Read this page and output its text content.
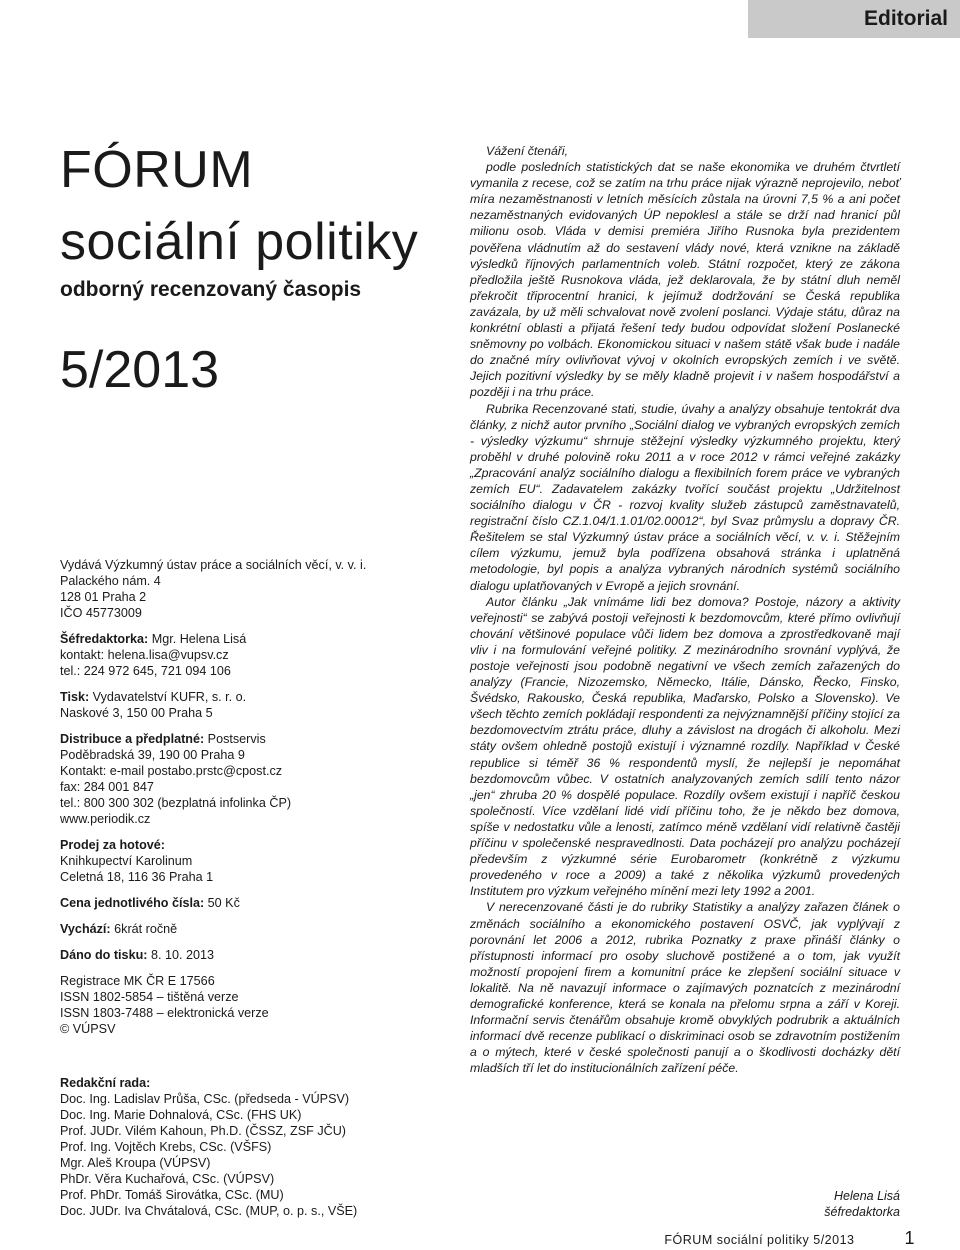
Editorial
FÓRUM
sociální politiky
odborný recenzovaný časopis
5/2013

Vydává Výzkumný ústav práce a sociálních věcí, v. v. i.

Palackého nám. 4

128 01 Praha 2

IČO 45773009

Šéfredaktorka: Mgr. Helena Lisá

kontakt: helena.lisa@vupsv.cz

tel.: 224 972 645, 721 094 106

Tisk: Vydavatelství KUFR, s. r. o.

Naskové 3, 150 00 Praha 5

Distribuce a předplatné: Postservis

Poděbradská 39, 190 00 Praha 9

Kontakt: e-mail postabo.prstc@cpost.cz

fax: 284 001 847

tel.: 800 300 302 (bezplatná infolinka ČP)

www.periodik.cz

Prodej za hotové:

Knihkupectví Karolinum

Celetná 18, 116 36 Praha 1

Cena jednotlivého čísla: 50 Kč

Vychází: 6krát ročně

Dáno do tisku: 8. 10. 2013

Registrace MK ČR E 17566

ISSN 1802-5854 – tištěná verze

ISSN 1803-7488 – elektronická verze

© VÚPSV

Redakční rada:

Doc. Ing. Ladislav Průša, CSc. (předseda - VÚPSV)

Doc. Ing. Marie Dohnalová, CSc. (FHS UK)

Prof. JUDr. Vilém Kahoun, Ph.D. (ČSSZ, ZSF JČU)

Prof. Ing. Vojtěch Krebs, CSc. (VŠFS)

Mgr. Aleš Kroupa (VÚPSV)

PhDr. Věra Kuchařová, CSc. (VÚPSV)

Prof. PhDr. Tomáš Sirovátka, CSc. (MU)

Doc. JUDr. Iva Chvátalová, CSc. (MUP, o. p. s., VŠE)

Vážení čtenáři,

podle posledních statistických dat se naše ekonomika ve druhém čtvrtletí vymanila z recese, což se zatím na trhu práce nijak výrazně neprojevilo, neboť míra nezaměstnanosti v letních měsících zůstala na úrovni 7,5 % a ani počet nezaměstnaných evidovaných ÚP nepoklesl a stále se drží nad hranicí půl milionu osob. Vláda v demisi premiéra Jiřího Rusnoka byla prezidentem pověřena vládnutím až do sestavení vlády nové, která vznikne na základě výsledků říjnových parlamentních voleb. Státní rozpočet, který ze zákona předložila ještě Rusnokova vláda, jež deklarovala, že by státní dluh neměl překročit třiprocentní hranici, k jejímuž dodržování se Česká republika zavázala, by už měli schvalovat nově zvolení poslanci. Výdaje státu, důraz na konkrétní oblasti a přijatá řešení tedy budou odpovídat složení Poslanecké sněmovny po volbách. Ekonomickou situaci v našem státě však bude i nadále do značné míry ovlivňovat vývoj v okolních evropských zemích i ve světě. Jejich pozitivní výsledky by se měly kladně projevit i v našem hospodářství a později i na trhu práce.

Rubrika Recenzované stati, studie, úvahy a analýzy obsahuje tentokrát dva články, z nichž autor prvního „Sociální dialog ve vybraných evropských zemích - výsledky výzkumu“ shrnuje stěžejní výsledky výzkumného projektu, který proběhl v druhé polovině roku 2011 a v roce 2012 v rámci veřejné zakázky „Zpracování analýz sociálního dialogu a flexibilních forem práce ve vybraných zemích EU“. Zadavatelem zakázky tvořící součást projektu „Udržitelnost sociálního dialogu v ČR - rozvoj kvality služeb zástupců zaměstnavatelů, registrační číslo CZ.1.04/1.1.01/02.00012“, byl Svaz průmyslu a dopravy ČR. Řešitelem se stal Výzkumný ústav práce a sociálních věcí, v. v. i. Stěžejním cílem výzkumu, jemuž byla podřízena obsahová stránka i uplatněná metodologie, byl popis a analýza vybraných národních systémů sociálního dialogu uplatňovaných v Evropě a jejich srovnání.

Autor článku „Jak vnímáme lidi bez domova? Postoje, názory a aktivity veřejnosti“ se zabývá postoji veřejnosti k bezdomovcům, které přímo ovlivňují chování většinové populace vůči lidem bez domova a zprostředkovaně mají vliv i na formulování veřejné politiky. Z mezinárodního srovnání vyplývá, že postoje veřejnosti jsou podobně negativní ve všech zemích zařazených do analýzy (Francie, Nizozemsko, Německo, Itálie, Dánsko, Řecko, Finsko, Švédsko, Rakousko, Česká republika, Maďarsko, Polsko a Slovensko). Ve všech těchto zemích pokládají respondenti za nejvýznamnější příčiny stojící za bezdomovectvím ztrátu práce, dluhy a závislost na drogách či alkoholu. Mezi státy ovšem ohledně postojů existují i významné rozdíly. Například v České republice si téměř 36 % respondentů myslí, že nejlepší je nepomáhat bezdomovcům vůbec. V ostatních analyzovaných zemích sdílí tento názor „jen“ zhruba 20 % dospělé populace. Rozdíly ovšem existují i napříč českou společností. Více vzdělaní lidé vidí příčinu toho, že je někdo bez domova, spíše v nedostatku vůle a lenosti, zatímco méně vzdělaní vidí relativně častěji příčinu v společenské nespravedlnosti. Data pocházejí pro analýzu pocházejí především z výzkumné série Eurobarometr (konkrétně z výzkumu provedeného v roce a 2009) a také z několika výzkumů provedených Institutem pro výzkum veřejného mínění mezi lety 1992 a 2001.

V nerecenzované části je do rubriky Statistiky a analýzy zařazen článek o změnách sociálního a ekonomického postavení OSVČ, jak vyplývají z porovnání let 2006 a 2012, rubrika Poznatky z praxe přináší články o přístupnosti informací pro osoby sluchově postižené a o tom, jak využít možností propojení firem a komunitní práce ke zlepšení sociální situace v lokalitě. Na ně navazují informace o zajímavých poznatcích z mezinárodní demografické konference, která se konala na přelomu srpna a září v Koreji. Informační servis čtenářům obsahuje kromě obvyklých podrubrik a aktuálních informací dvě recenze publikací o diskriminaci osob se zdravotním postižením a o mýtech, které v české společnosti panují a o škodlivosti docházky dětí mladších tří let do institucionálních zařízení péče.

Helena Lisá
šéfredaktorka
FÓRUM sociální politiky 5/2013	1
